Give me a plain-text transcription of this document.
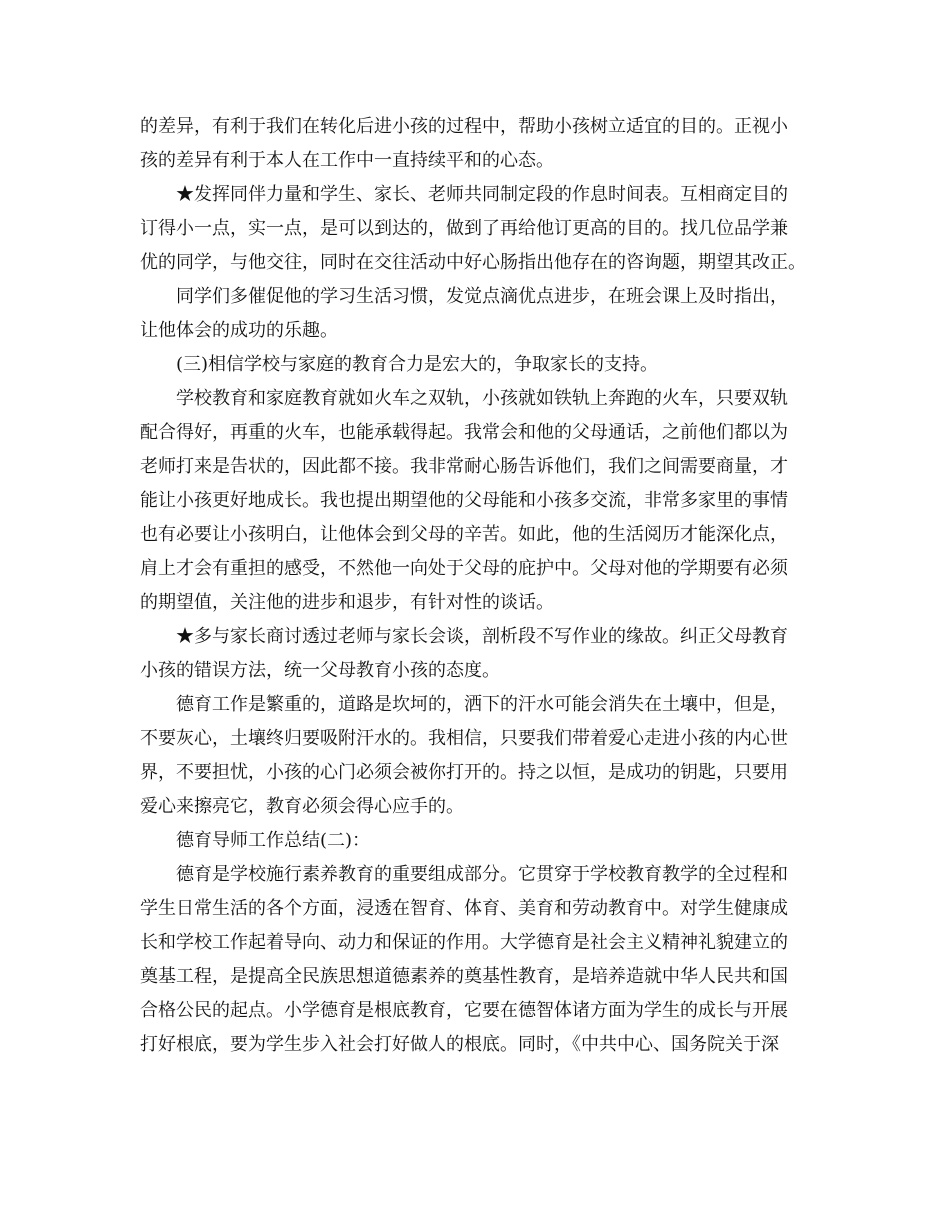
的差异，有利于我们在转化后进小孩的过程中，帮助小孩树立适宜的目的。正视小
孩的差异有利于本人在工作中一直持续平和的心态。
★发挥同伴力量和学生、家长、老师共同制定段的作息时间表。互相商定目的
订得小一点，实一点，是可以到达的，做到了再给他订更高的目的。找几位品学兼
优的同学，与他交往，同时在交往活动中好心肠指出他存在的咨询题，期望其改正。
同学们多催促他的学习生活习惯，发觉点滴优点进步，在班会课上及时指出，
让他体会的成功的乐趣。
(三)相信学校与家庭的教育合力是宏大的，争取家长的支持。
学校教育和家庭教育就如火车之双轨，小孩就如铁轨上奔跑的火车，只要双轨
配合得好，再重的火车，也能承载得起。我常会和他的父母通话，之前他们都以为
老师打来是告状的，因此都不接。我非常耐心肠告诉他们，我们之间需要商量，才
能让小孩更好地成长。我也提出期望他的父母能和小孩多交流，非常多家里的事情
也有必要让小孩明白，让他体会到父母的辛苦。如此，他的生活阅历才能深化点，
肩上才会有重担的感受，不然他一向处于父母的庇护中。父母对他的学期要有必须
的期望值，关注他的进步和退步，有针对性的谈话。
★多与家长商讨透过老师与家长会谈，剖析段不写作业的缘故。纠正父母教育
小孩的错误方法，统一父母教育小孩的态度。
德育工作是繁重的，道路是坎坷的，洒下的汗水可能会消失在土壤中，但是，
不要灰心，土壤终归要吸附汗水的。我相信，只要我们带着爱心走进小孩的内心世
界，不要担忧，小孩的心门必须会被你打开的。持之以恒，是成功的钥匙，只要用
爱心来擦亮它，教育必须会得心应手的。
德育导师工作总结(二)：
德育是学校施行素养教育的重要组成部分。它贯穿于学校教育教学的全过程和
学生日常生活的各个方面，浸透在智育、体育、美育和劳动教育中。对学生健康成
长和学校工作起着导向、动力和保证的作用。大学德育是社会主义精神礼貌建立的
奠基工程，是提高全民族思想道德素养的奠基性教育，是培养造就中华人民共和国
合格公民的起点。小学德育是根底教育，它要在德智体诸方面为学生的成长与开展
打好根底，要为学生步入社会打好做人的根底。同时，《中共中心、国务院关于深
